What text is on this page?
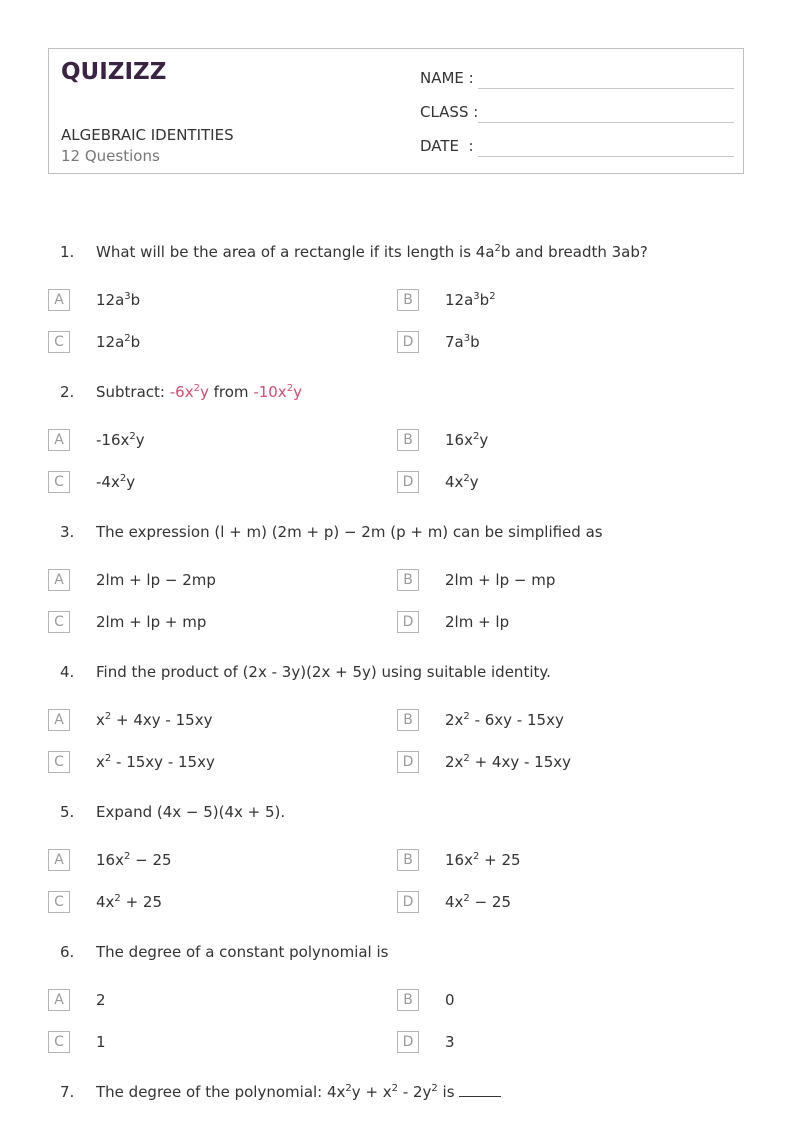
QUIZIZZ
ALGEBRAIC IDENTITIES
12 Questions
NAME :
CLASS :
DATE  :
1. What will be the area of a rectangle if its length is $4a^2b$ and breadth 3ab?
A	$12a^3b$	B	$12a^3b^2$
C	$12a^2b$	D	$7a^3b$
2. Subtract: $-6x^2y$ from $-10x^2y$
A	$-16x^2y$	B	$16x^2y$
C	$-4x^2y$	D	$4x^2y$
3. The expression (l + m) (2m + p) − 2m (p + m) can be simplified as
A	2lm + lp − 2mp	B	2lm + lp − mp
C	2lm + lp + mp	D	2lm + lp
4. Find the product of (2x - 3y)(2x + 5y) using suitable identity.
A	$x^2 + 4xy - 15xy$	B	$2x^2 - 6xy - 15xy$
C	$x^2 - 15xy - 15xy$	D	$2x^2 + 4xy - 15xy$
5. Expand (4x − 5)(4x + 5).
A	$16x^2 - 25$	B	$16x^2 + 25$
C	$4x^2 + 25$	D	$4x^2 - 25$
6. The degree of a constant polynomial is
A	2	B	0
C	1	D	3
7. The degree of the polynomial: $4x^2y + x^2 - 2y^2$ is
